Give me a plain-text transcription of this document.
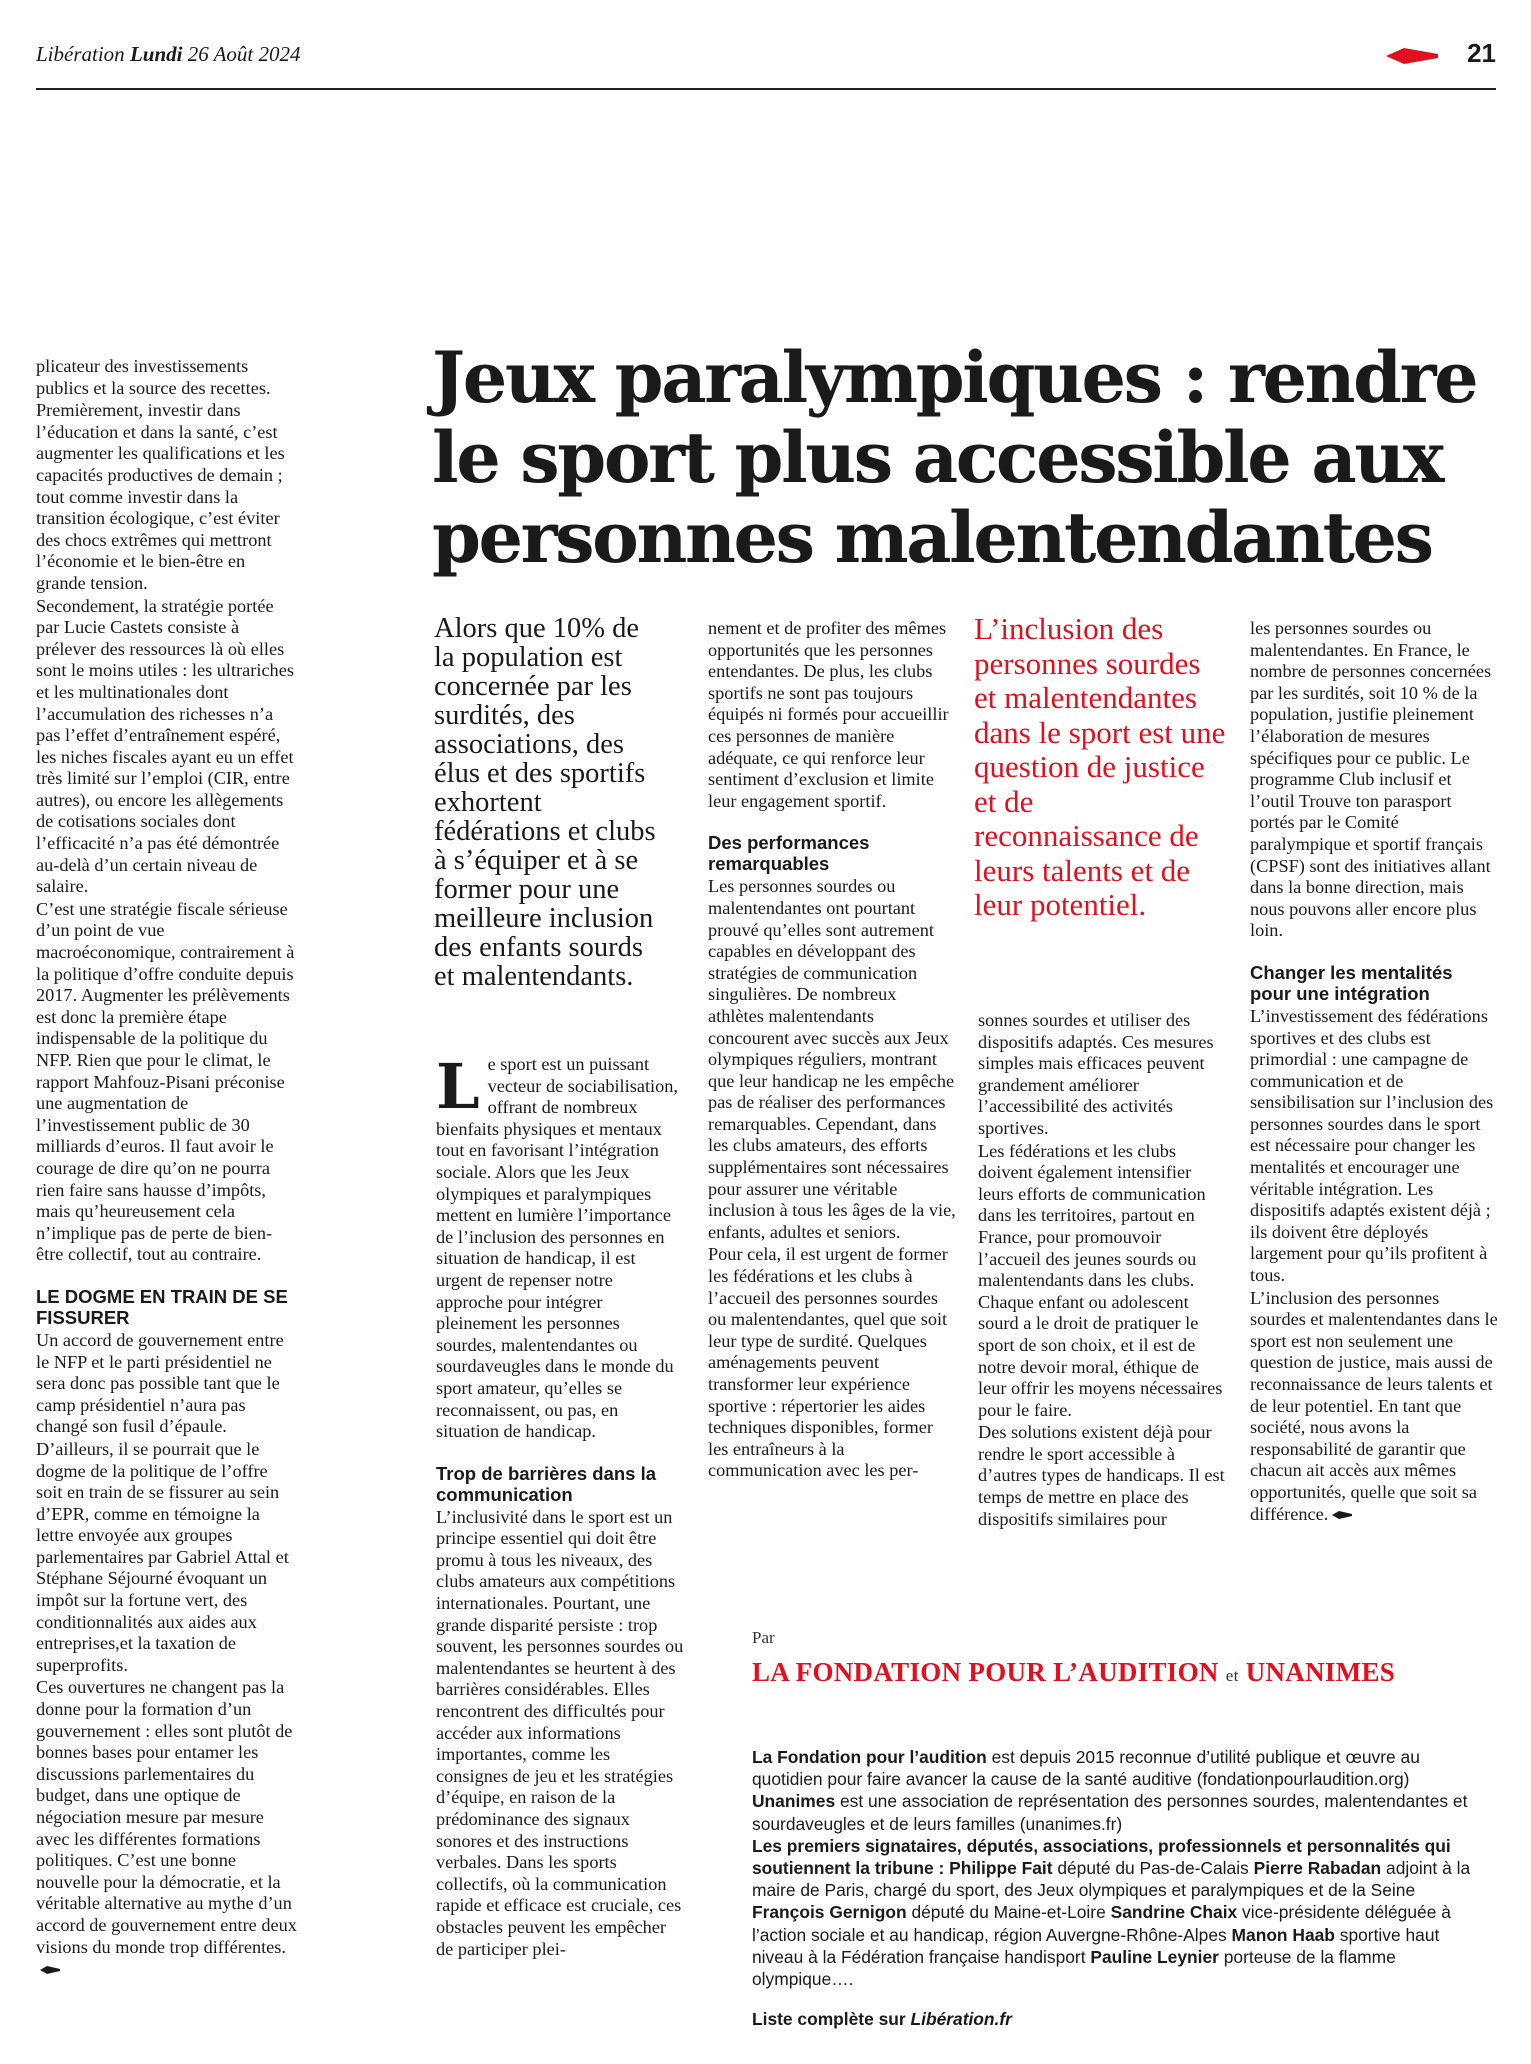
Libération Lundi 26 Août 2024	21

plicateur des investissements publics et la source des recettes.

Premièrement, investir dans l’éducation et dans la santé, c’est augmenter les qualifications et les capacités productives de demain ; tout comme investir dans la transition écologique, c’est éviter des chocs extrêmes qui mettront l’économie et le bien-être en grande tension.

Secondement, la stratégie portée par Lucie Castets consiste à prélever des ressources là où elles sont le moins utiles : les ultrariches et les multinationales dont l’accumulation des richesses n’a pas l’effet d’entraînement espéré, les niches fiscales ayant eu un effet très limité sur l’emploi (CIR, entre autres), ou encore les allègements de cotisations sociales dont l’efficacité n’a pas été démontrée au-delà d’un certain niveau de salaire.

C’est une stratégie fiscale sérieuse d’un point de vue macroéconomique, contrairement à la politique d’offre conduite depuis 2017. Augmenter les prélèvements est donc la première étape indispensable de la politique du NFP. Rien que pour le climat, le rapport Mahfouz-Pisani préconise une augmentation de l’investissement public de 30 milliards d’euros. Il faut avoir le courage de dire qu’on ne pourra rien faire sans hausse d’impôts, mais qu’heureusement cela n’implique pas de perte de bien-être collectif, tout au contraire.

LE DOGME EN TRAIN DE SE FISSURER

Un accord de gouvernement entre le NFP et le parti présidentiel ne sera donc pas possible tant que le camp présidentiel n’aura pas changé son fusil d’épaule.

D’ailleurs, il se pourrait que le dogme de la politique de l’offre soit en train de se fissurer au sein d’EPR, comme en témoigne la lettre envoyée aux groupes parlementaires par Gabriel Attal et Stéphane Séjourné évoquant un impôt sur la fortune vert, des conditionnalités aux aides aux entreprises,et la taxation de superprofits.

Ces ouvertures ne changent pas la donne pour la formation d’un gouvernement : elles sont plutôt de bonnes bases pour entamer les discussions parlementaires du budget, dans une optique de négociation mesure par mesure avec les différentes formations politiques. C’est une bonne nouvelle pour la démocratie, et la véritable alternative au mythe d’un accord de gouvernement entre deux visions du monde trop différentes.

Jeux paralympiques : rendre le sport plus accessible aux personnes malentendantes

Alors que 10% de la population est concernée par les surdités, des associations, des élus et des sportifs exhortent fédérations et clubs à s’équiper et à se former pour une meilleure inclusion des enfants sourds et malentendants.

Le sport est un puissant vecteur de sociabilisation, offrant de nombreux bienfaits physiques et mentaux tout en favorisant l’intégration sociale. Alors que les Jeux olympiques et paralympiques mettent en lumière l’importance de l’inclusion des personnes en situation de handicap, il est urgent de repenser notre approche pour intégrer pleinement les personnes sourdes, malentendantes ou sourdaveugles dans le monde du sport amateur, qu’elles se reconnaissent, ou pas, en situation de handicap.

Trop de barrières dans la communication

L’inclusivité dans le sport est un principe essentiel qui doit être promu à tous les niveaux, des clubs amateurs aux compétitions internationales. Pourtant, une grande disparité persiste : trop souvent, les personnes sourdes ou malentendantes se heurtent à des barrières considérables. Elles rencontrent des difficultés pour accéder aux informations importantes, comme les consignes de jeu et les stratégies d’équipe, en raison de la prédominance des signaux sonores et des instructions verbales. Dans les sports collectifs, où la communication rapide et efficace est cruciale, ces obstacles peuvent les empêcher de participer plei-

nement et de profiter des mêmes opportunités que les personnes entendantes. De plus, les clubs sportifs ne sont pas toujours équipés ni formés pour accueillir ces personnes de manière adéquate, ce qui renforce leur sentiment d’exclusion et limite leur engagement sportif.

Des performances remarquables

Les personnes sourdes ou malentendantes ont pourtant prouvé qu’elles sont autrement capables en développant des stratégies de communication singulières. De nombreux athlètes malentendants concourent avec succès aux Jeux olympiques réguliers, montrant que leur handicap ne les empêche pas de réaliser des performances remarquables. Cependant, dans les clubs amateurs, des efforts supplémentaires sont nécessaires pour assurer une véritable inclusion à tous les âges de la vie, enfants, adultes et seniors.

Pour cela, il est urgent de former les fédérations et les clubs à l’accueil des personnes sourdes ou malentendantes, quel que soit leur type de surdité. Quelques aménagements peuvent transformer leur expérience sportive : répertorier les aides techniques disponibles, former les entraîneurs à la communication avec les per-

L’inclusion des personnes sourdes et malentendantes dans le sport est une question de justice et de reconnaissance de leurs talents et de leur potentiel.

sonnes sourdes et utiliser des dispositifs adaptés. Ces mesures simples mais efficaces peuvent grandement améliorer l’accessibilité des activités sportives.

Les fédérations et les clubs doivent également intensifier leurs efforts de communication dans les territoires, partout en France, pour promouvoir l’accueil des jeunes sourds ou malentendants dans les clubs. Chaque enfant ou adolescent sourd a le droit de pratiquer le sport de son choix, et il est de notre devoir moral, éthique de leur offrir les moyens nécessaires pour le faire.

Des solutions existent déjà pour rendre le sport accessible à d’autres types de handicaps. Il est temps de mettre en place des dispositifs similaires pour

les personnes sourdes ou malentendantes. En France, le nombre de personnes concernées par les surdités, soit 10 % de la population, justifie pleinement l’élaboration de mesures spécifiques pour ce public. Le programme Club inclusif et l’outil Trouve ton parasport portés par le Comité paralympique et sportif français (CPSF) sont des initiatives allant dans la bonne direction, mais nous pouvons aller encore plus loin.

Changer les mentalités pour une intégration

L’investissement des fédérations sportives et des clubs est primordial : une campagne de communication et de sensibilisation sur l’inclusion des personnes sourdes dans le sport est nécessaire pour changer les mentalités et encourager une véritable intégration. Les dispositifs adaptés existent déjà ; ils doivent être déployés largement pour qu’ils profitent à tous.

L’inclusion des personnes sourdes et malentendantes dans le sport est non seulement une question de justice, mais aussi de reconnaissance de leurs talents et de leur potentiel. En tant que société, nous avons la responsabilité de garantir que chacun ait accès aux mêmes opportunités, quelle que soit sa différence.

Par
LA FONDATION POUR L’AUDITION et UNANIMES

La Fondation pour l’audition est depuis 2015 reconnue d’utilité publique et œuvre au quotidien pour faire avancer la cause de la santé auditive (fondationpourlaudition.org)

Unanimes est une association de représentation des personnes sourdes, malentendantes et sourdaveugles et de leurs familles (unanimes.fr)

Les premiers signataires, députés, associations, professionnels et personnalités qui soutiennent la tribune : Philippe Fait député du Pas-de-Calais Pierre Rabadan adjoint à la maire de Paris, chargé du sport, des Jeux olympiques et paralympiques et de la Seine François Gernigon député du Maine-et-Loire Sandrine Chaix vice-présidente déléguée à l’action sociale et au handicap, région Auvergne-Rhône-Alpes Manon Haab sportive haut niveau à la Fédération française handisport Pauline Leynier porteuse de la flamme olympique….

Liste complète sur Libération.fr
